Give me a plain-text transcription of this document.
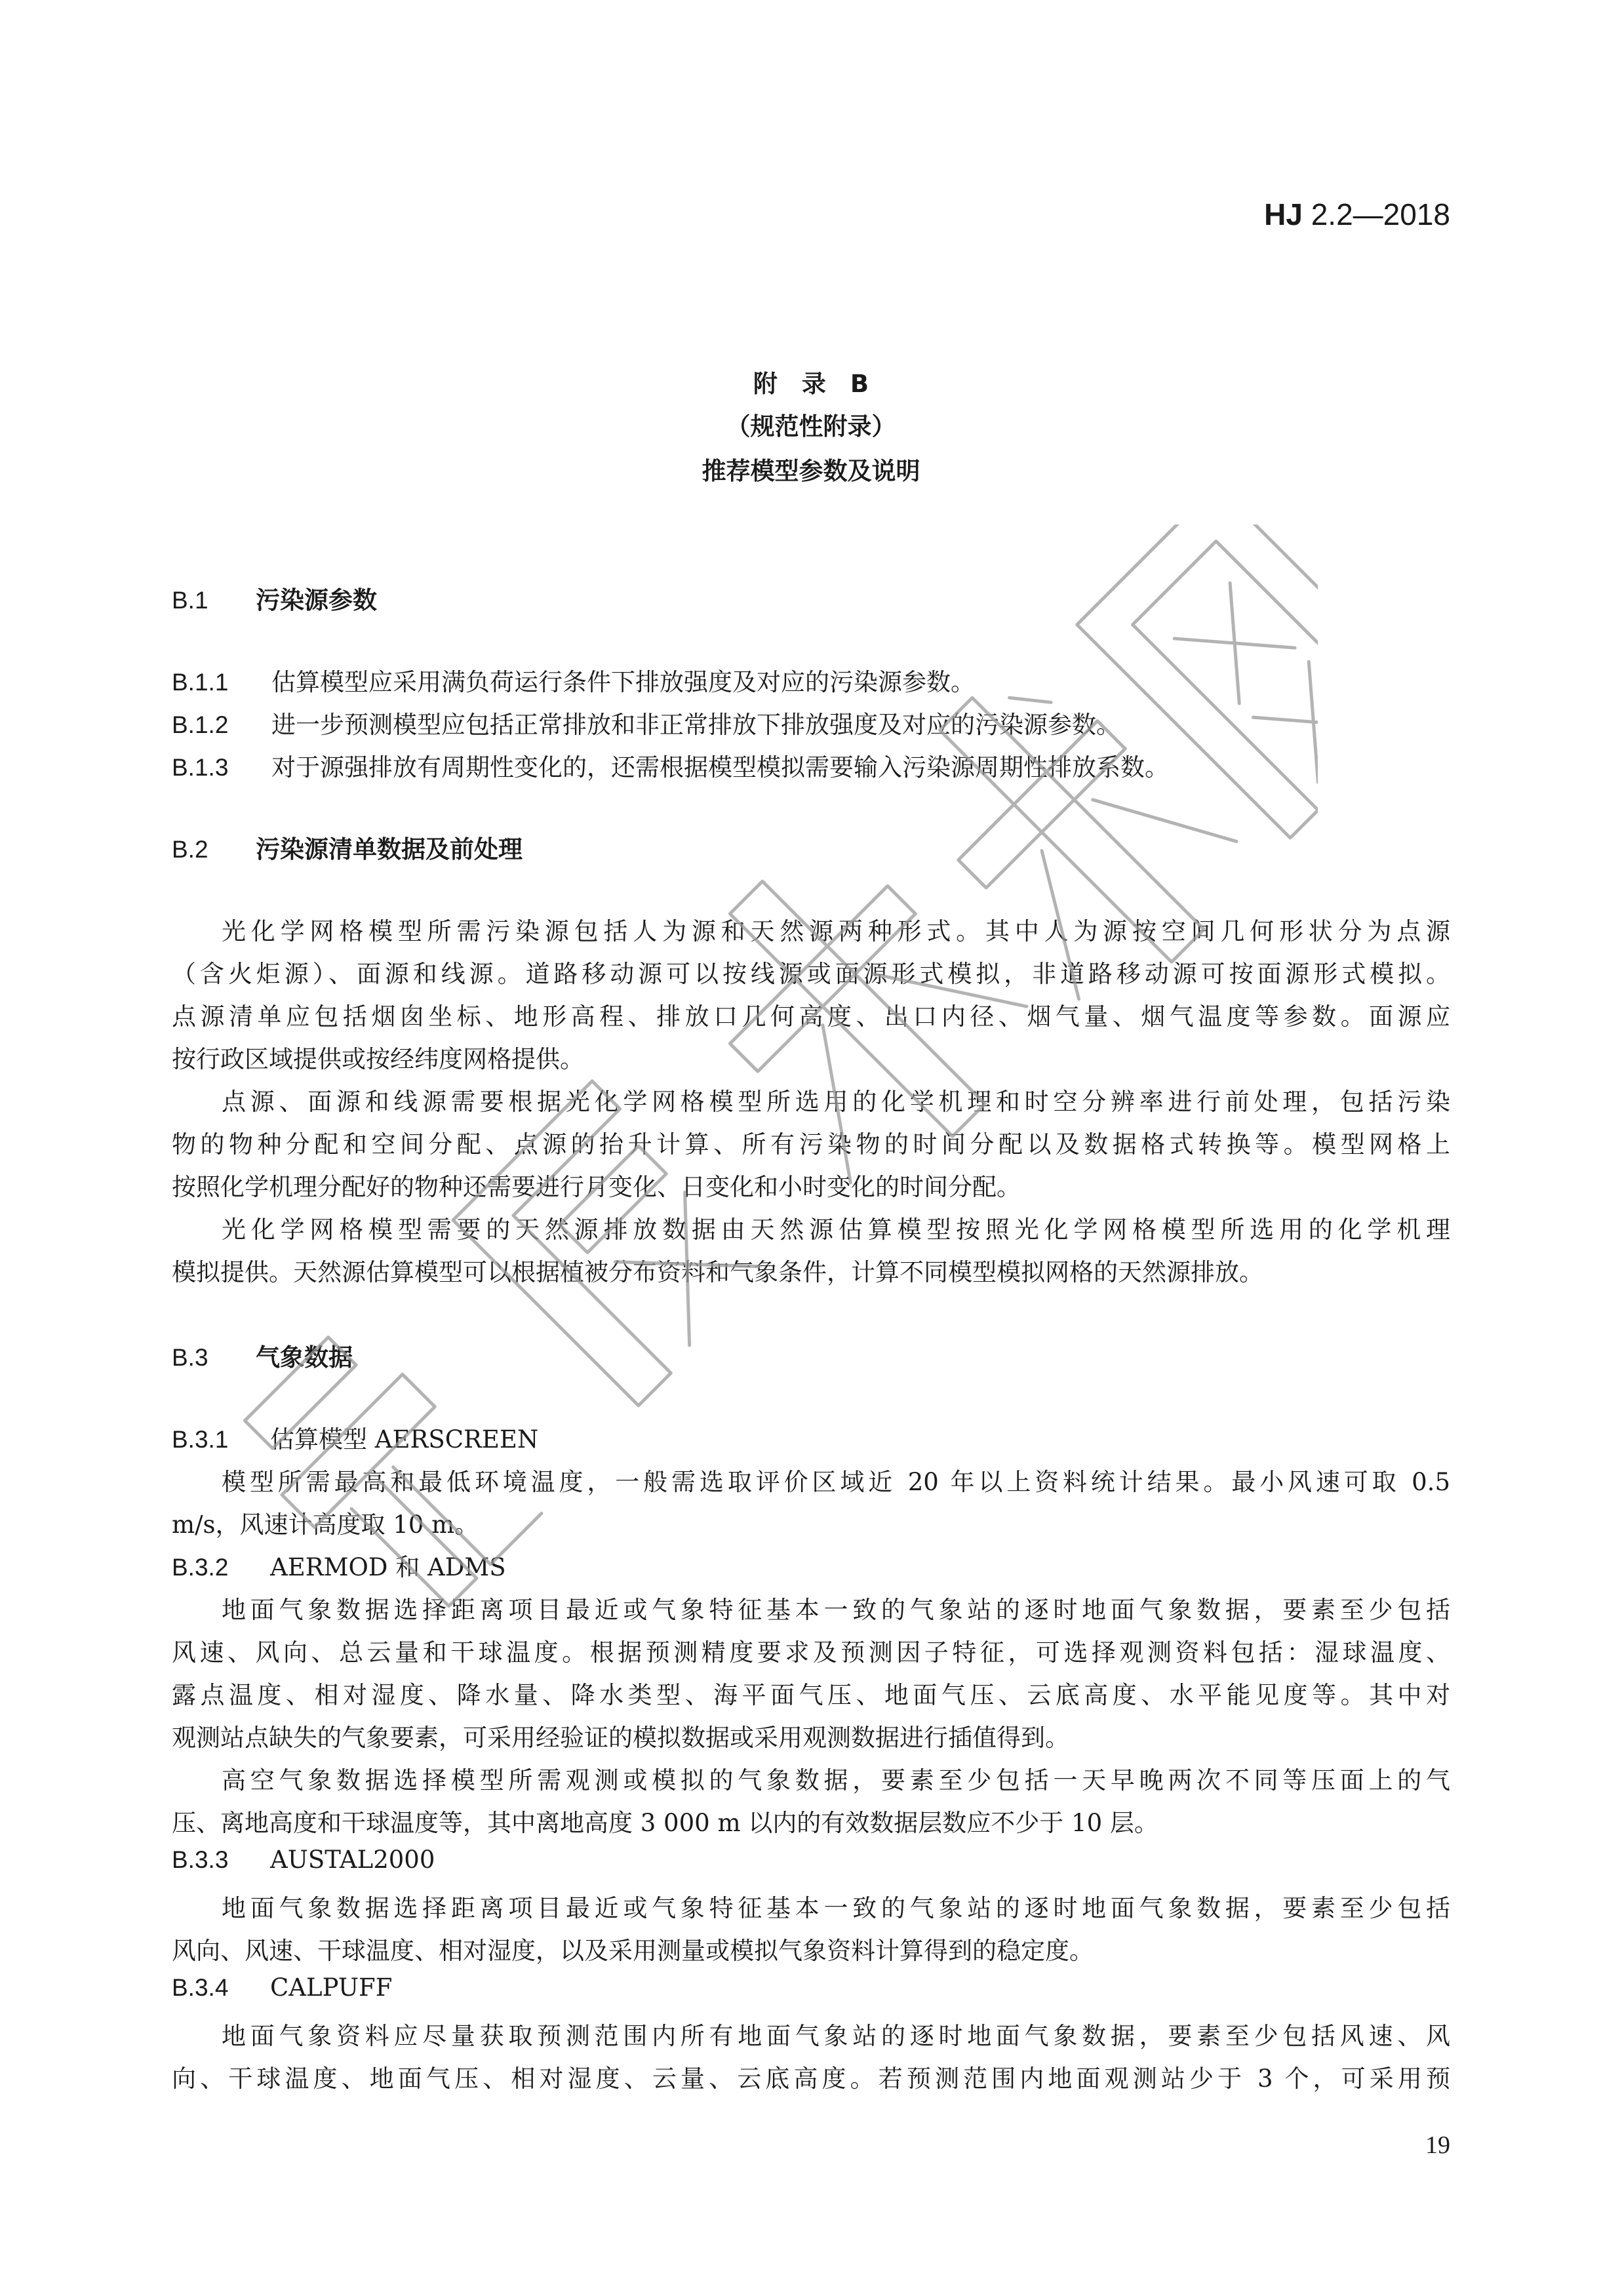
HJ 2.2—2018
附　录　B
（规范性附录）
推荐模型参数及说明
B.1 污染源参数
B.1.1 估算模型应采用满负荷运行条件下排放强度及对应的污染源参数。
B.1.2 进一步预测模型应包括正常排放和非正常排放下排放强度及对应的污染源参数。
B.1.3 对于源强排放有周期性变化的，还需根据模型模拟需要输入污染源周期性排放系数。
B.2 污染源清单数据及前处理
光化学网格模型所需污染源包括人为源和天然源两种形式。其中人为源按空间几何形状分为点源
（含火炬源）、面源和线源。道路移动源可以按线源或面源形式模拟，非道路移动源可按面源形式模拟。
点源清单应包括烟囱坐标、地形高程、排放口几何高度、出口内径、烟气量、烟气温度等参数。面源应
按行政区域提供或按经纬度网格提供。
点源、面源和线源需要根据光化学网格模型所选用的化学机理和时空分辨率进行前处理，包括污染
物的物种分配和空间分配、点源的抬升计算、所有污染物的时间分配以及数据格式转换等。模型网格上
按照化学机理分配好的物种还需要进行月变化、日变化和小时变化的时间分配。
光化学网格模型需要的天然源排放数据由天然源估算模型按照光化学网格模型所选用的化学机理
模拟提供。天然源估算模型可以根据植被分布资料和气象条件，计算不同模型模拟网格的天然源排放。
B.3 气象数据
B.3.1 估算模型 AERSCREEN
模型所需最高和最低环境温度，一般需选取评价区域近 20 年以上资料统计结果。最小风速可取 0.5
m/s，风速计高度取 10 m。
B.3.2 AERMOD 和 ADMS
地面气象数据选择距离项目最近或气象特征基本一致的气象站的逐时地面气象数据，要素至少包括
风速、风向、总云量和干球温度。根据预测精度要求及预测因子特征，可选择观测资料包括：湿球温度、
露点温度、相对湿度、降水量、降水类型、海平面气压、地面气压、云底高度、水平能见度等。其中对
观测站点缺失的气象要素，可采用经验证的模拟数据或采用观测数据进行插值得到。
高空气象数据选择模型所需观测或模拟的气象数据，要素至少包括一天早晚两次不同等压面上的气
压、离地高度和干球温度等，其中离地高度 3 000 m 以内的有效数据层数应不少于 10 层。
B.3.3 AUSTAL2000
地面气象数据选择距离项目最近或气象特征基本一致的气象站的逐时地面气象数据，要素至少包括
风向、风速、干球温度、相对湿度，以及采用测量或模拟气象资料计算得到的稳定度。
B.3.4 CALPUFF
地面气象资料应尽量获取预测范围内所有地面气象站的逐时地面气象数据，要素至少包括风速、风
向、干球温度、地面气压、相对湿度、云量、云底高度。若预测范围内地面观测站少于 3 个，可采用预
19
